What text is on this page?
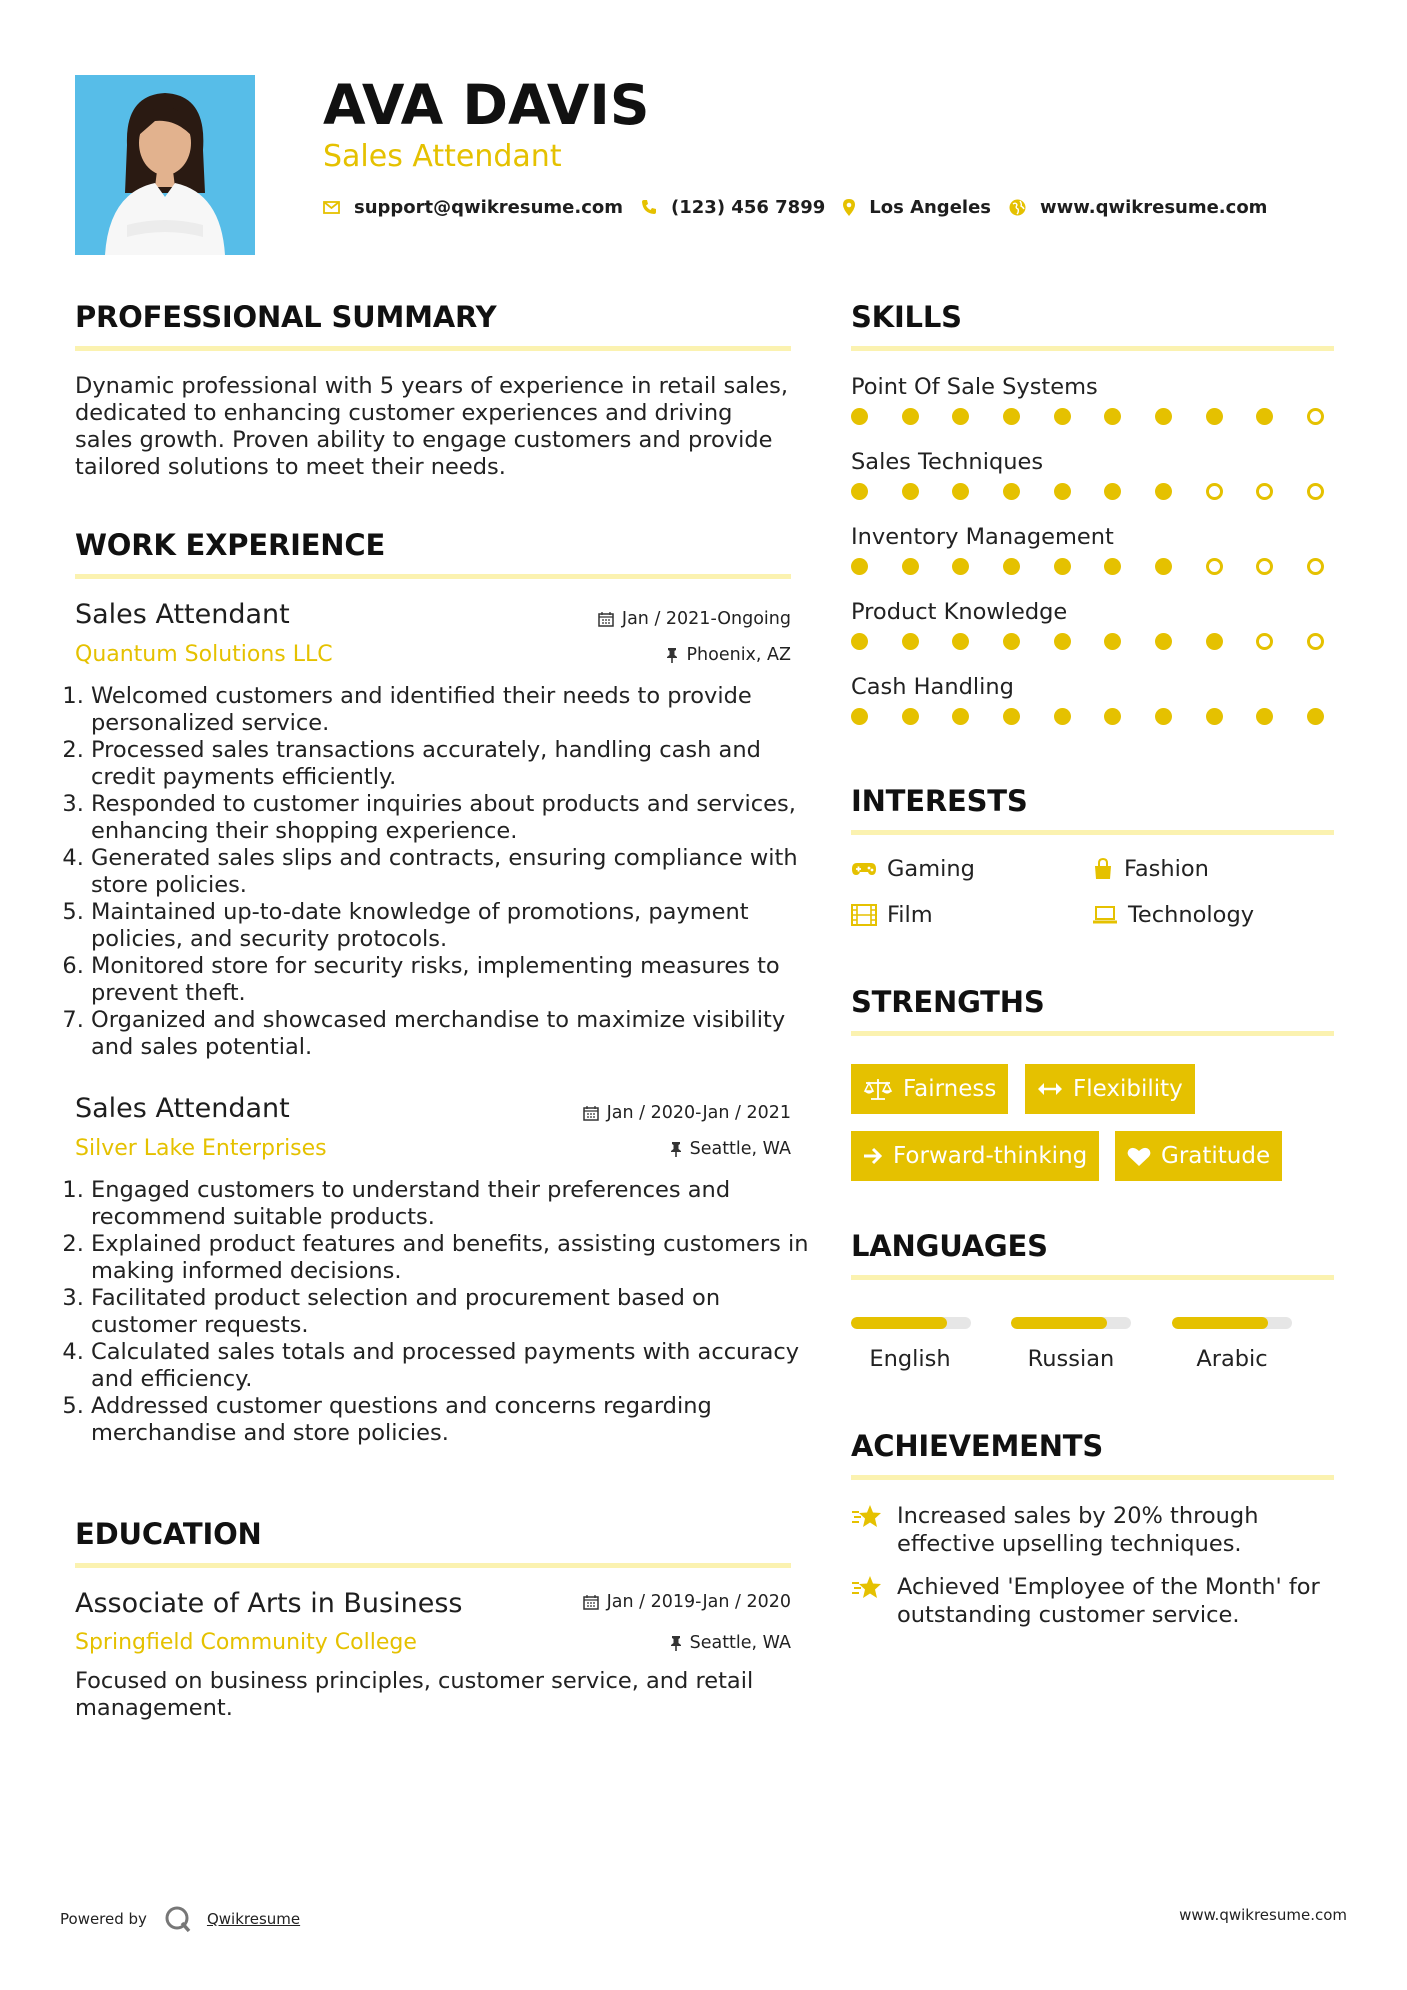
AVA DAVIS
Sales Attendant
support@qwikresume.com	(123) 456 7899 Los Angeles	www.qwikresume.com
PROFESSIONAL SUMMARY
Dynamic professional with 5 years of experience in retail sales, dedicated to enhancing customer experiences and driving sales growth. Proven ability to engage customers and provide tailored solutions to meet their needs.
WORK EXPERIENCE
Sales Attendant	Jan / 2021-Ongoing
Quantum Solutions LLC	Phoenix, AZ
1. Welcomed customers and identified their needs to provide personalized service.
2. Processed sales transactions accurately, handling cash and credit payments efficiently.
3. Responded to customer inquiries about products and services, enhancing their shopping experience.
4. Generated sales slips and contracts, ensuring compliance with store policies.
5. Maintained up-to-date knowledge of promotions, payment policies, and security protocols.
6. Monitored store for security risks, implementing measures to prevent theft.
7. Organized and showcased merchandise to maximize visibility and sales potential.
Sales Attendant	Jan / 2020-Jan / 2021
Silver Lake Enterprises	Seattle, WA
1. Engaged customers to understand their preferences and recommend suitable products.
2. Explained product features and benefits, assisting customers in making informed decisions.
3. Facilitated product selection and procurement based on customer requests.
4. Calculated sales totals and processed payments with accuracy and efficiency.
5. Addressed customer questions and concerns regarding merchandise and store policies.
EDUCATION
Associate of Arts in Business	Jan / 2019-Jan / 2020
Springfield Community College	Seattle, WA
Focused on business principles, customer service, and retail management.
SKILLS
Point Of Sale Systems
Sales Techniques
Inventory Management
Product Knowledge
Cash Handling
INTERESTS
Gaming	Fashion
Film	Technology
STRENGTHS
Fairness	Flexibility
Forward-thinking	Gratitude
LANGUAGES
English	Russian	Arabic
ACHIEVEMENTS
Increased sales by 20% through effective upselling techniques.
Achieved 'Employee of the Month' for outstanding customer service.
Powered by	Qwikresume	www.qwikresume.com
